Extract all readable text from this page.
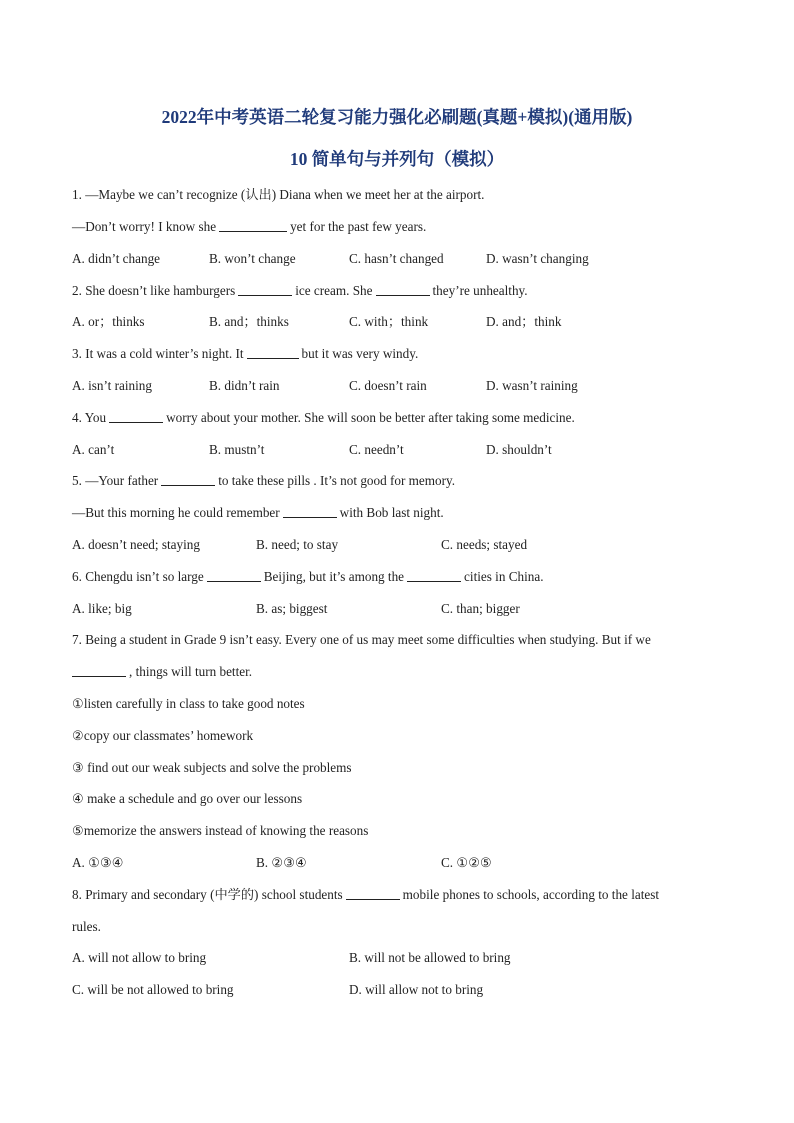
2022年中考英语二轮复习能力强化必刷题(真题+模拟)(通用版)
10 简单句与并列句（模拟）
1. —Maybe we can’t recognize (认出) Diana when we meet her at the airport.
—Don’t worry! I know she	yet for the past few years.
A. didn’t change	B. won’t change	C. hasn’t changed	D. wasn’t changing
2. She doesn’t like hamburgers	ice cream. She	they’re unhealthy.
A. or；thinks	B. and；thinks	C. with；think	D. and；think
3. It was a cold winter’s night. It	but it was very windy.
A. isn’t raining	B. didn’t rain	C. doesn’t rain	D. wasn’t raining
4. You	worry about your mother. She will soon be better after taking some medicine.
A. can’t	B. mustn’t	C. needn’t	D. shouldn’t
5. —Your father	to take these pills . It’s not good for memory.
—But this morning he could remember	with Bob last night.
A. doesn’t need; staying	B. need; to stay	C. needs; stayed
6. Chengdu isn’t so large	Beijing, but it’s among the	cities in China.
A. like; big	B. as; biggest	C. than; bigger
7. Being a student in Grade 9 isn’t easy. Every one of us may meet some difficulties when studying. But if we
, things will turn better.
①listen carefully in class to take good notes
②copy our classmates’ homework
③ find out our weak subjects and solve the problems
④ make a schedule and go over our lessons
⑤memorize the answers instead of knowing the reasons
A. ①③④	B. ②③④	C. ①②⑤
8. Primary and secondary (中学的) school students	mobile phones to schools, according to the latest
rules.
A. will not allow to bring	B. will not be allowed to bring
C. will be not allowed to bring	D. will allow not to bring
